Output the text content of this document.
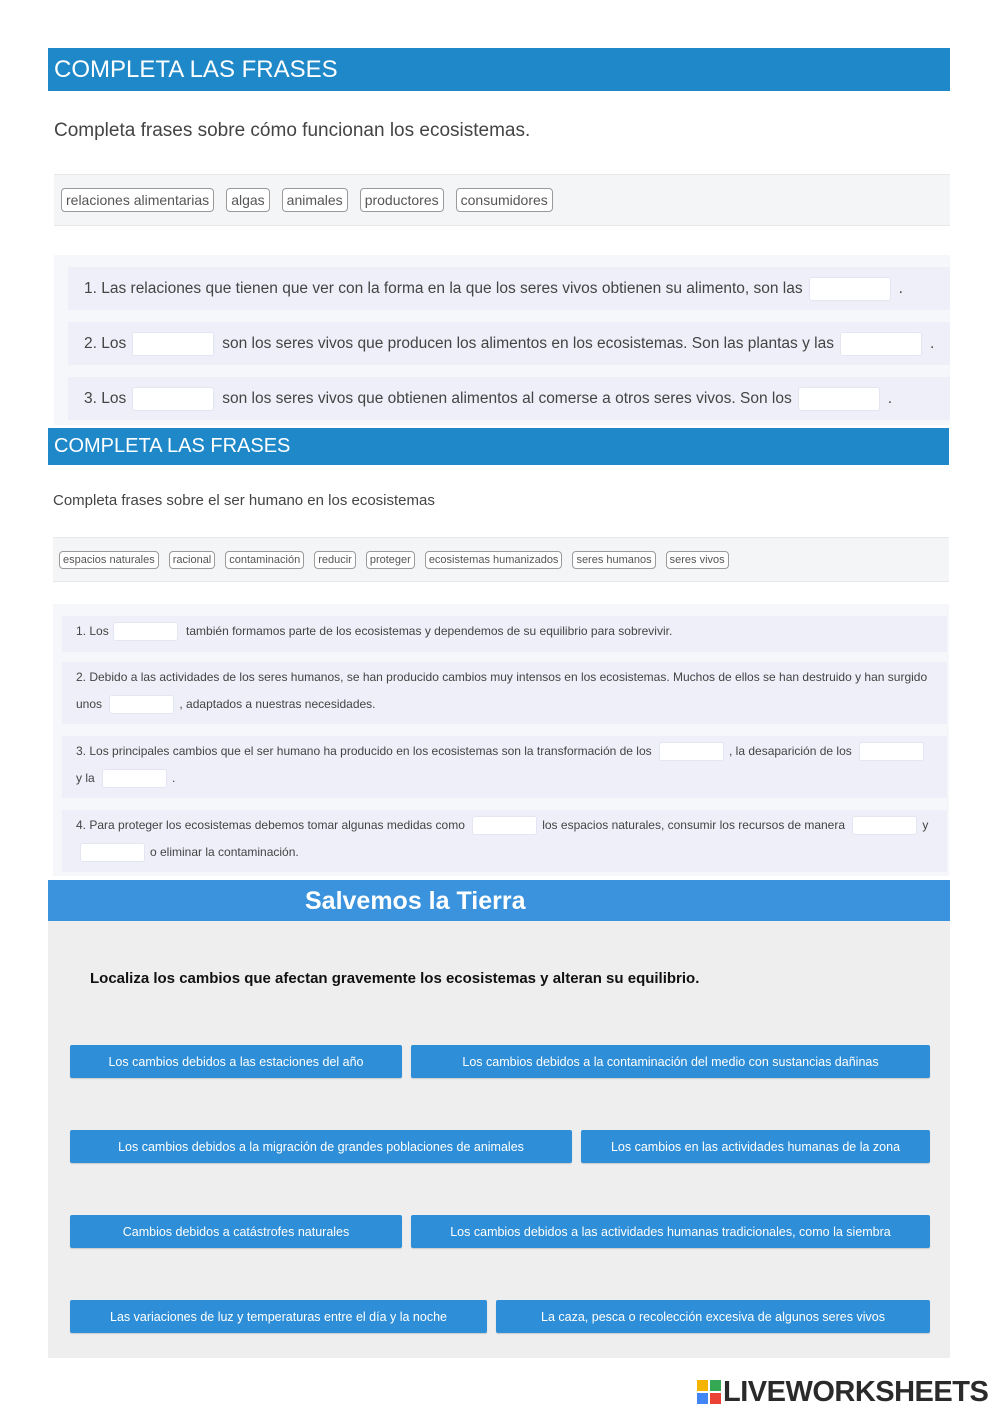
COMPLETA LAS FRASES
Completa frases sobre cómo funcionan los ecosistemas.
relaciones alimentarias	algas	animales	productores	consumidores
1. Las relaciones que tienen que ver con la forma en la que los seres vivos obtienen su alimento, son las	.
2. Los	son los seres vivos que producen los alimentos en los ecosistemas. Son las plantas y las	.
3. Los	son los seres vivos que obtienen alimentos al comerse a otros seres vivos. Son los	.
COMPLETA LAS FRASES
Completa frases sobre el ser humano en los ecosistemas
espacios naturales	racional	contaminación	reducir	proteger	ecosistemas humanizados	seres humanos	seres vivos
1. Los	también formamos parte de los ecosistemas y dependemos de su equilibrio para sobrevivir.
2. Debido a las actividades de los seres humanos, se han producido cambios muy intensos en los ecosistemas. Muchos de ellos se han destruido y han surgido unos	, adaptados a nuestras necesidades.
3. Los principales cambios que el ser humano ha producido en los ecosistemas son la transformación de los	, la desaparición de los y la	.
4. Para proteger los ecosistemas debemos tomar algunas medidas como	los espacios naturales, consumir los recursos de manera	y o eliminar la contaminación.
Salvemos la Tierra
Localiza los cambios que afectan gravemente los ecosistemas y alteran su equilibrio.
Los cambios debidos a las estaciones del año	Los cambios debidos a la contaminación del medio con sustancias dañinas
Los cambios debidos a la migración de grandes poblaciones de animales	Los cambios en las actividades humanas de la zona
Cambios debidos a catástrofes naturales	Los cambios debidos a las actividades humanas tradicionales, como la siembra
Las variaciones de luz y temperaturas entre el día y la noche	La caza, pesca o recolección excesiva de algunos seres vivos
LIVEWORKSHEETS
